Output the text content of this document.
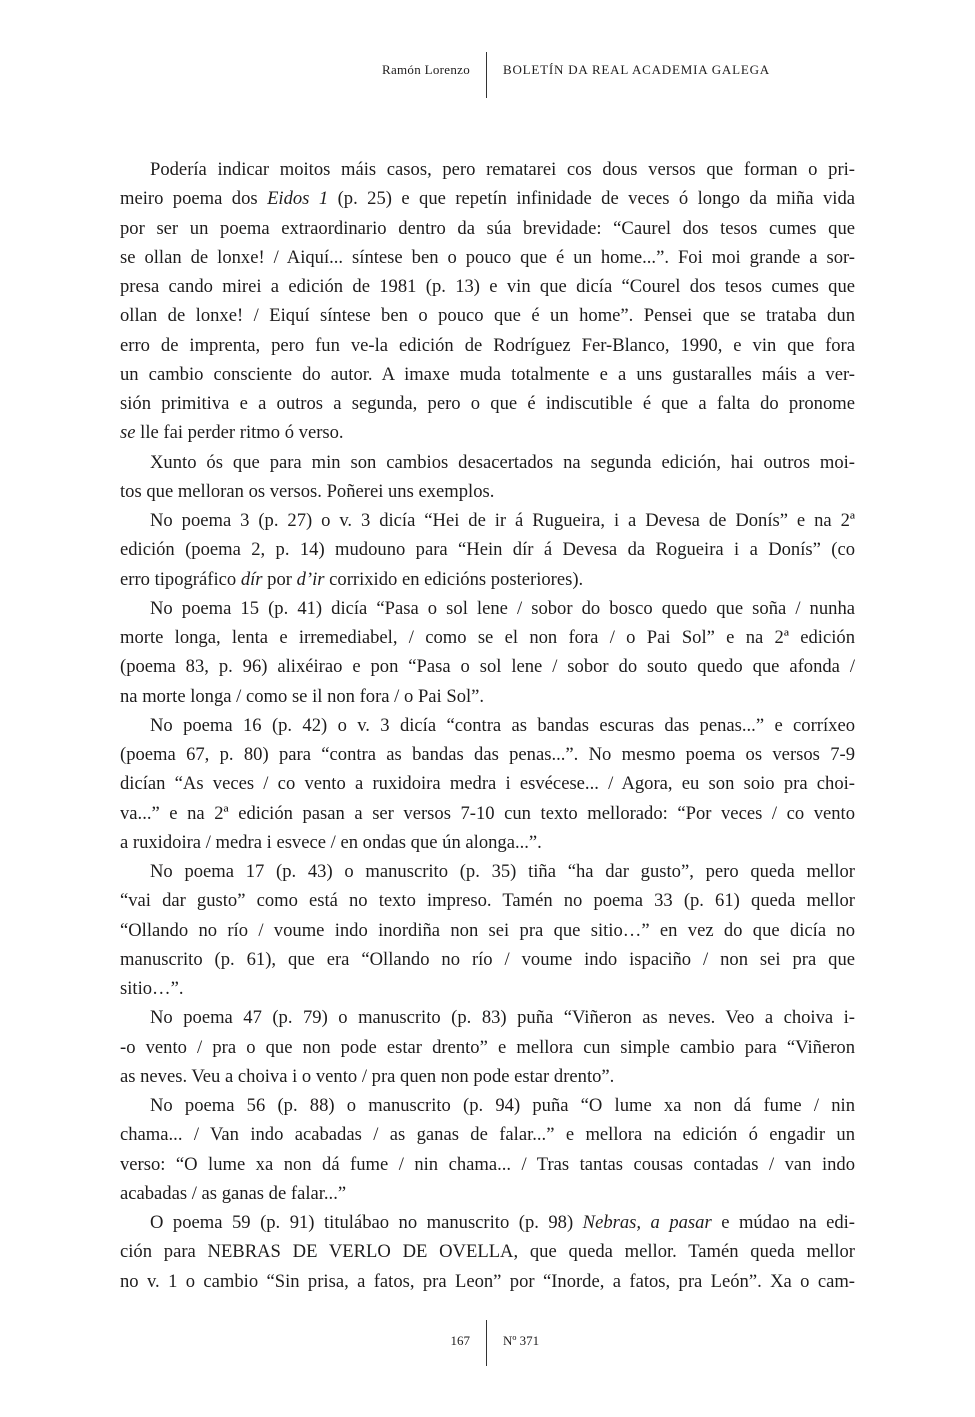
Ramón Lorenzo	BOLETÍN DA REAL ACADEMIA GALEGA
Podería indicar moitos máis casos, pero rematarei cos dous versos que forman o pri-
meiro poema dos Eidos 1 (p. 25) e que repetín infinidade de veces ó longo da miña vida
por ser un poema extraordinario dentro da súa brevidade: “Caurel dos tesos cumes que
se ollan de lonxe! / Aiquí... síntese ben o pouco que é un home...”. Foi moi grande a sor-
presa cando mirei a edición de 1981 (p. 13) e vin que dicía “Courel dos tesos cumes que
ollan de lonxe! / Eiquí síntese ben o pouco que é un home”. Pensei que se trataba dun
erro de imprenta, pero fun ve-la edición de Rodríguez Fer-Blanco, 1990, e vin que fora
un cambio consciente do autor. A imaxe muda totalmente e a uns gustaralles máis a ver-
sión primitiva e a outros a segunda, pero o que é indiscutible é que a falta do pronome
se lle fai perder ritmo ó verso.
Xunto ós que para min son cambios desacertados na segunda edición, hai outros moi-
tos que melloran os versos. Poñerei uns exemplos.
No poema 3 (p. 27) o v. 3 dicía “Hei de ir á Rugueira, i a Devesa de Donís” e na 2ª
edición (poema 2, p. 14) mudouno para “Hein dír á Devesa da Rogueira i a Donís” (co
erro tipográfico dír por d’ir corrixido en edicións posteriores).
No poema 15 (p. 41) dicía “Pasa o sol lene / sobor do bosco quedo que soña / nunha
morte longa, lenta e irremediabel, / como se el non fora / o Pai Sol” e na 2ª edición
(poema 83, p. 96) alixéirao e pon “Pasa o sol lene / sobor do souto quedo que afonda /
na morte longa / como se il non fora / o Pai Sol”.
No poema 16 (p. 42) o v. 3 dicía “contra as bandas escuras das penas...” e corríxeo
(poema 67, p. 80) para “contra as bandas das penas...”. No mesmo poema os versos 7-9
dicían “As veces / co vento a ruxidoira medra i esvécese... / Agora, eu son soio pra choi-
va...” e na 2ª edición pasan a ser versos 7-10 cun texto mellorado: “Por veces / co vento
a ruxidoira / medra i esvece / en ondas que ún alonga...”.
No poema 17 (p. 43) o manuscrito (p. 35) tiña “ha dar gusto”, pero queda mellor
“vai dar gusto” como está no texto impreso. Tamén no poema 33 (p. 61) queda mellor
“Ollando no río / voume indo inordiña non sei pra que sitio…” en vez do que dicía no
manuscrito (p. 61), que era “Ollando no río / voume indo ispaciño / non sei pra que
sitio…”.
No poema 47 (p. 79) o manuscrito (p. 83) puña “Viñeron as neves. Veo a choiva i-
-o vento / pra o que non pode estar drento” e mellora cun simple cambio para “Viñeron
as neves. Veu a choiva i o vento / pra quen non pode estar drento”.
No poema 56 (p. 88) o manuscrito (p. 94) puña “O lume xa non dá fume / nin
chama... / Van indo acabadas / as ganas de falar...” e mellora na edición ó engadir un
verso: “O lume xa non dá fume / nin chama... / Tras tantas cousas contadas / van indo
acabadas / as ganas de falar...”
O poema 59 (p. 91) titulábao no manuscrito (p. 98) Nebras, a pasar e múdao na edi-
ción para NEBRAS DE VERLO DE OVELLA, que queda mellor. Tamén queda mellor
no v. 1 o cambio “Sin prisa, a fatos, pra Leon” por “Inorde, a fatos, pra León”. Xa o cam-
167	Nº 371
